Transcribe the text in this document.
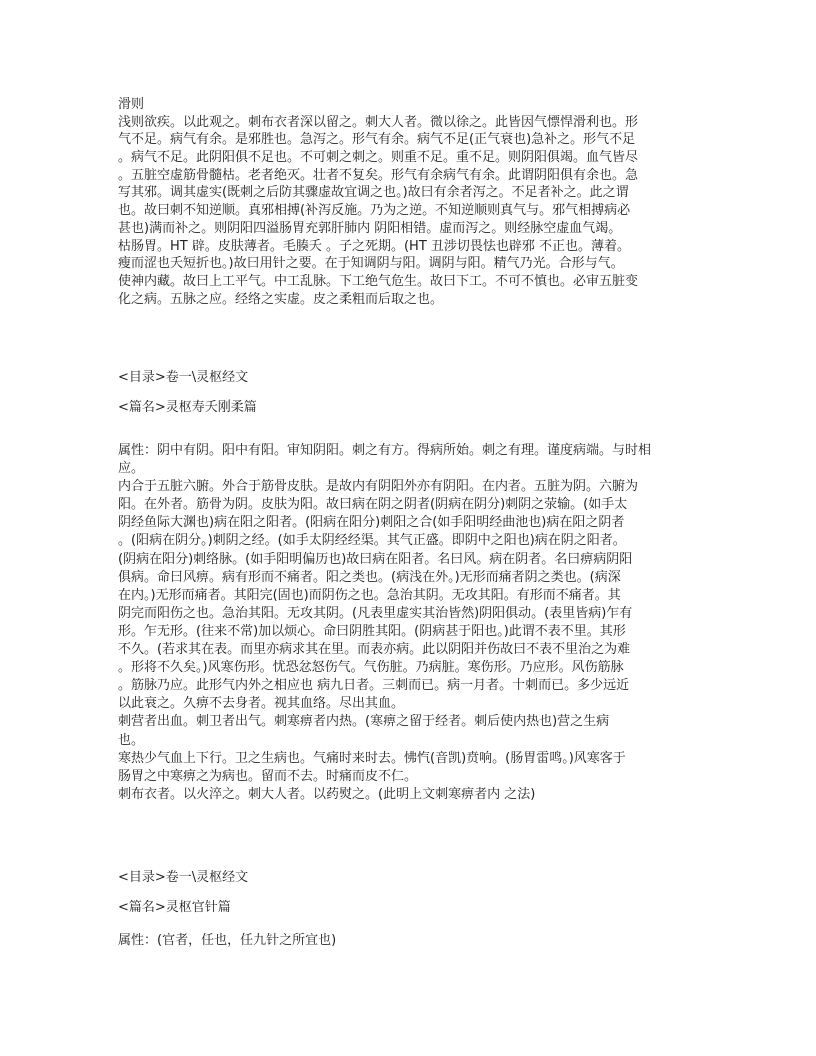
滑则
浅则欲疾。以此观之。刺布衣者深以留之。刺大人者。微以徐之。此皆因气慓悍滑利也。形
气不足。病气有余。是邪胜也。急泻之。形气有余。病气不足(正气衰也)急补之。形气不足
。病气不足。此阴阳俱不足也。不可刺之刺之。则重不足。重不足。则阴阳俱竭。血气皆尽
。五脏空虚筋骨髓枯。老者绝灭。壮者不复矣。形气有余病气有余。此谓阴阳俱有余也。急
写其邪。调其虚实(既刺之后防其骤虚故宜调之也。)故曰有余者泻之。不足者补之。此之谓
也。故曰刺不知逆顺。真邪相搏(补泻反施。乃为之逆。不知逆顺则真气与。邪气相搏病必
甚也)满而补之。则阴阳四溢肠胃充郭肝肺内 阴阳相错。虚而泻之。则经脉空虚血气竭。
枯肠胃。HT 辟。皮肤薄者。毛腠夭 。子之死期。(HT 丑涉切畏怯也辟邪 不正也。薄着。
瘦而涩也夭短折也。)故曰用针之要。在于知调阴与阳。调阴与阳。精气乃光。合形与气。
使神内藏。故曰上工平气。中工乱脉。下工绝气危生。故曰下工。不可不慎也。必审五脏变
化之病。五脉之应。经络之实虚。皮之柔粗而后取之也。
<目录>卷一\灵枢经文
<篇名>灵枢寿夭刚柔篇
属性：阴中有阴。阳中有阳。审知阴阳。刺之有方。得病所始。刺之有理。谨度病端。与时相
应。
内合于五脏六腑。外合于筋骨皮肤。是故内有阴阳外亦有阴阳。在内者。五脏为阴。六腑为
阳。在外者。筋骨为阴。皮肤为阳。故曰病在阴之阴者(阴病在阴分)刺阴之荥输。(如手太
阴经鱼际大渊也)病在阳之阳者。(阳病在阳分)刺阳之合(如手阳明经曲池也)病在阳之阴者
。(阳病在阴分。)刺阴之经。(如手太阴经经渠。其气正盛。即阴中之阳也)病在阴之阳者。
(阴病在阳分)刺络脉。(如手阳明偏历也)故曰病在阳者。名曰风。病在阴者。名曰痹病阴阳
俱病。命曰风痹。病有形而不痛者。阳之类也。(病浅在外。)无形而痛者阴之类也。(病深
在内。)无形而痛者。其阳完(固也)而阴伤之也。急治其阴。无攻其阳。有形而不痛者。其
阴完而阳伤之也。急治其阳。无攻其阴。(凡表里虚实其治皆然)阴阳俱动。(表里皆病)乍有
形。乍无形。(往来不常)加以烦心。命曰阴胜其阳。(阴病甚于阳也。)此谓不表不里。其形
不久。(若求其在表。而里亦病求其在里。而表亦病。此以阴阳并伤故曰不表不里治之为难
。形将不久矣。)风寒伤形。忧恐忿怒伤气。气伤脏。乃病脏。寒伤形。乃应形。风伤筋脉
。筋脉乃应。此形气内外之相应也 病九日者。三刺而已。病一月者。十刺而已。多少远近
以此衰之。久痹不去身者。视其血络。尽出其血。
刺营者出血。刺卫者出气。刺寒痹者内热。(寒痹之留于经者。刺后使内热也)营之生病
也。
寒热少气血上下行。卫之生病也。气痛时来时去。怫忾(音凯)贲响。(肠胃雷鸣。)风寒客于
肠胃之中寒痹之为病也。留而不去。时痛而皮不仁。
刺布衣者。以火淬之。刺大人者。以药熨之。(此明上文刺寒痹者内 之法)
<目录>卷一\灵枢经文
<篇名>灵枢官针篇
属性：(官者，任也，任九针之所宜也)
